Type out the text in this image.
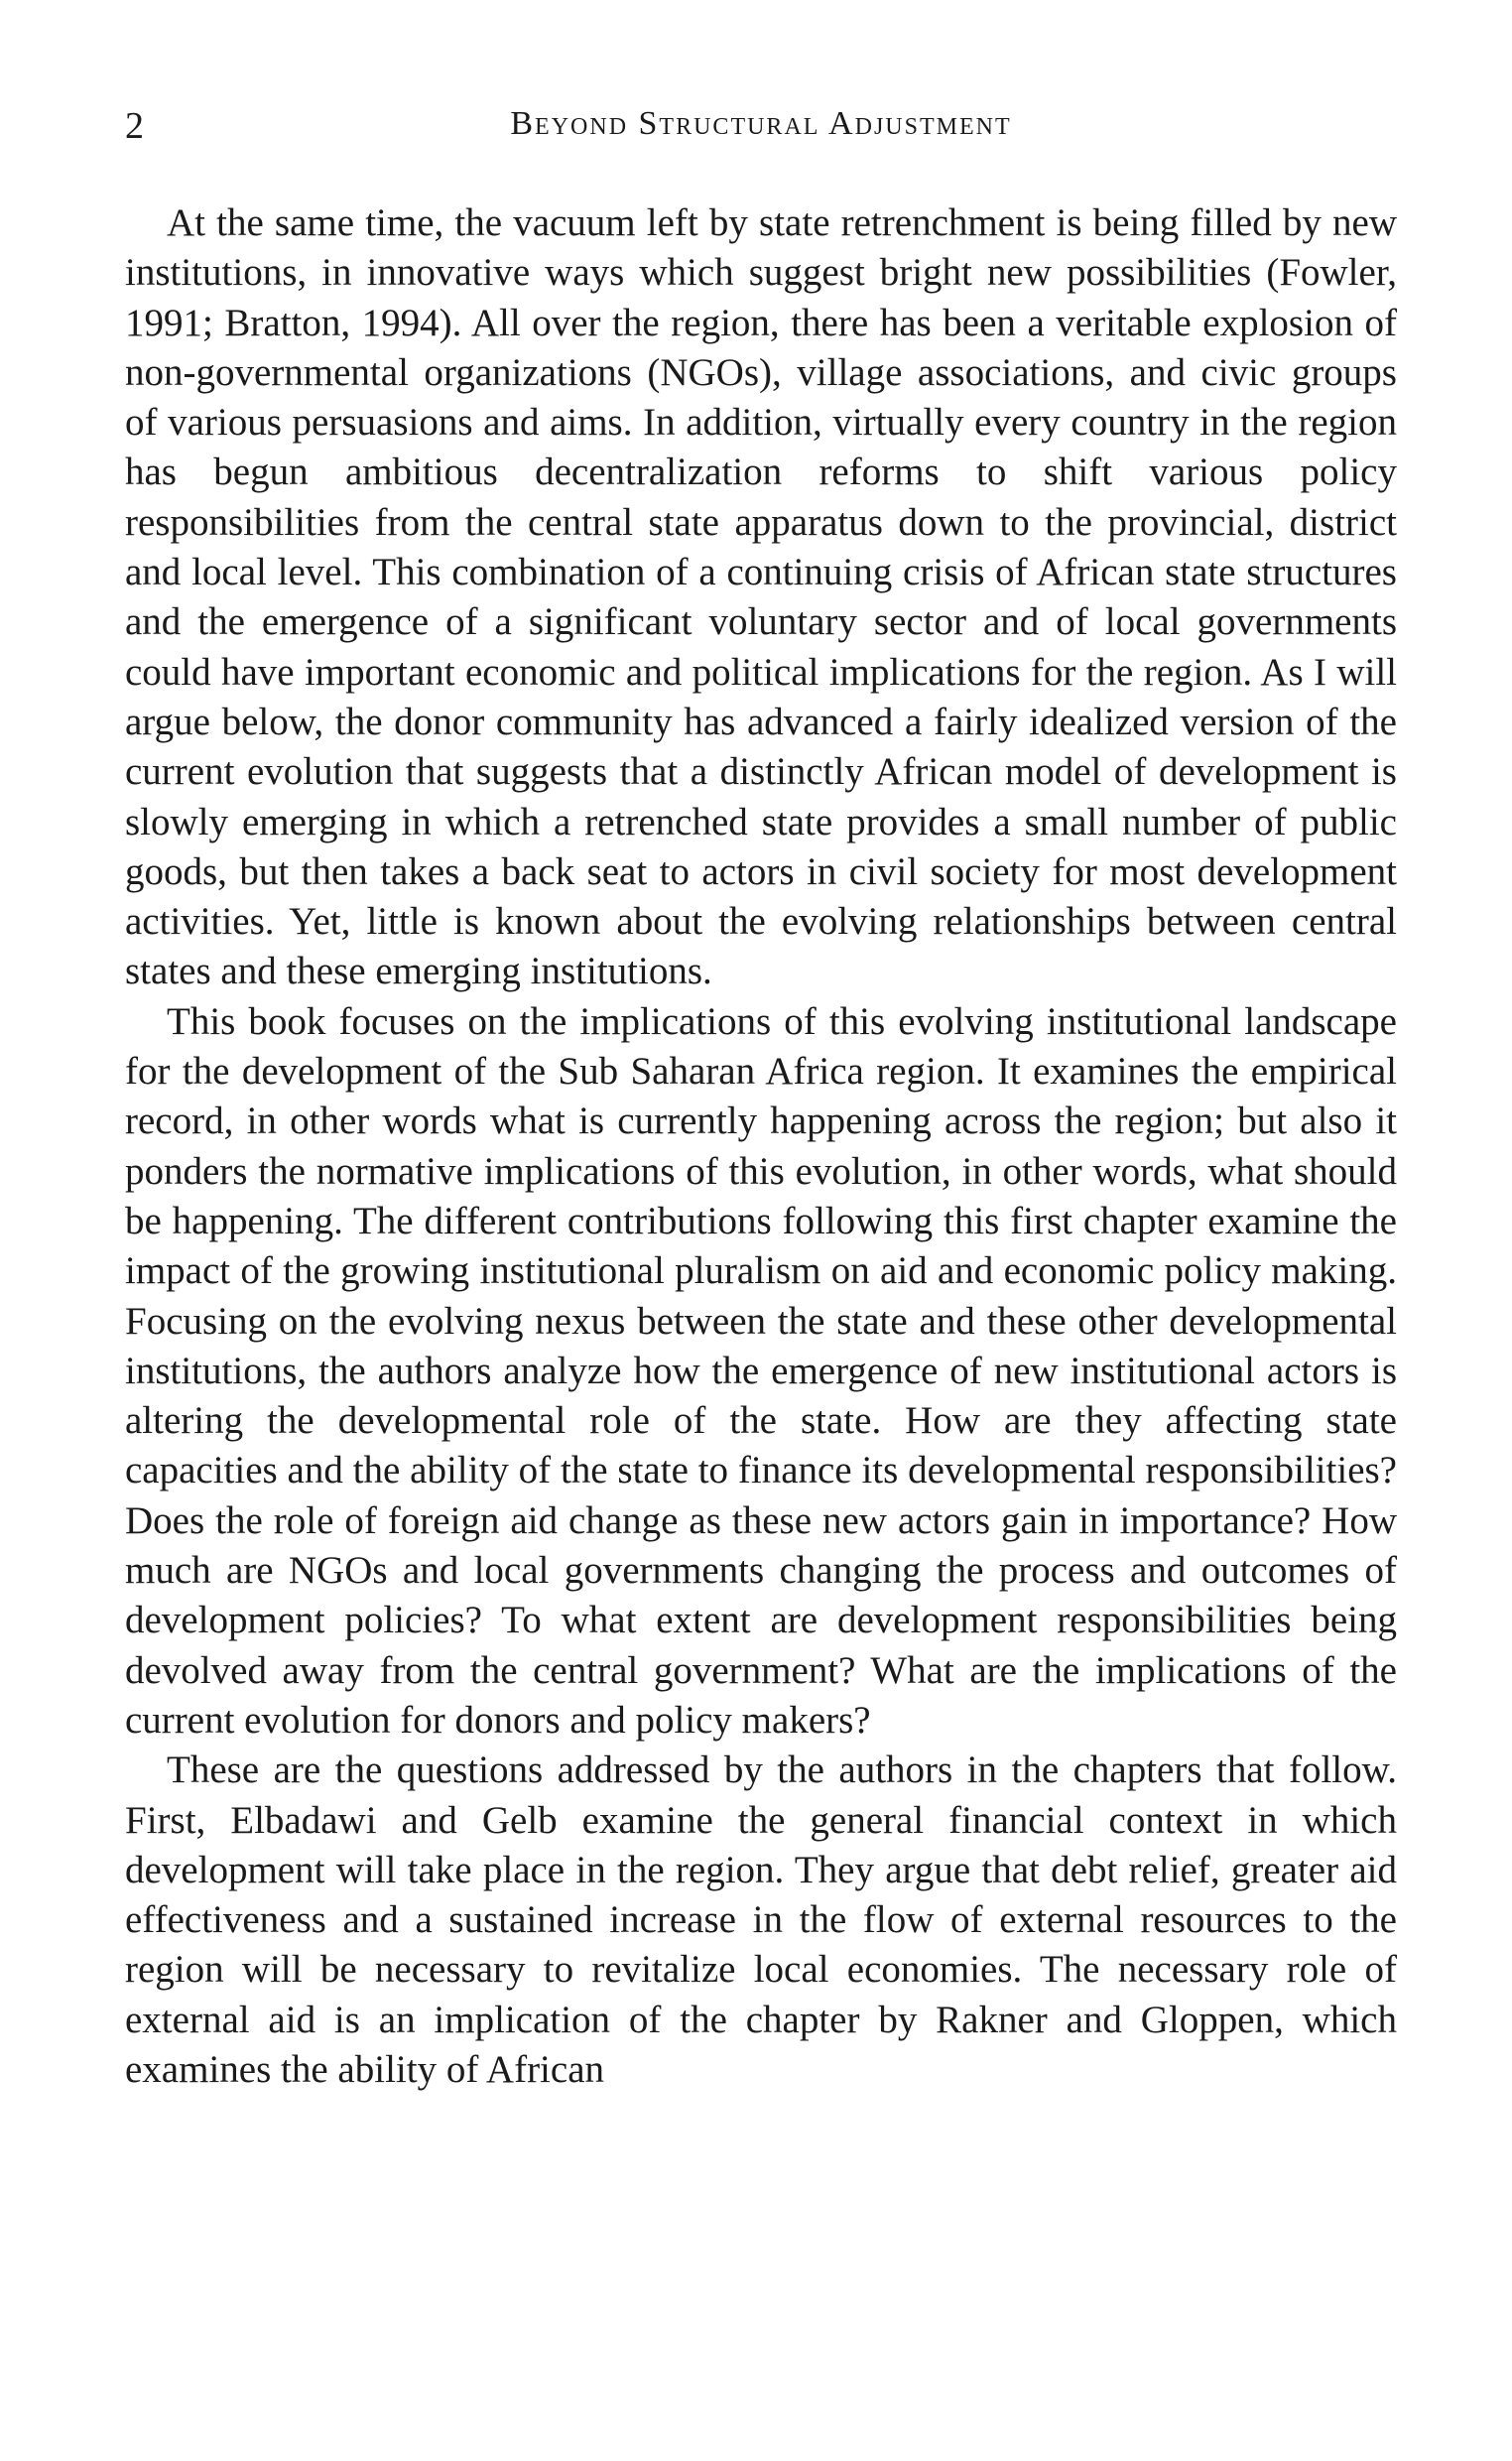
2	Beyond Structural Adjustment

At the same time, the vacuum left by state retrenchment is being filled by new institutions, in innovative ways which suggest bright new possibilities (Fowler, 1991; Bratton, 1994). All over the region, there has been a veritable explosion of non-governmental organizations (NGOs), village associations, and civic groups of various persuasions and aims. In addition, virtually every country in the region has begun ambitious decentralization reforms to shift various policy responsibilities from the central state apparatus down to the provincial, district and local level. This combination of a continuing crisis of African state structures and the emergence of a significant voluntary sector and of local governments could have important economic and political implications for the region. As I will argue below, the donor community has advanced a fairly idealized version of the current evolution that suggests that a distinctly African model of development is slowly emerging in which a retrenched state provides a small number of public goods, but then takes a back seat to actors in civil society for most development activities. Yet, little is known about the evolving relationships between central states and these emerging institutions.

This book focuses on the implications of this evolving institutional landscape for the development of the Sub Saharan Africa region. It examines the empirical record, in other words what is currently happening across the region; but also it ponders the normative implications of this evolution, in other words, what should be happening. The different contributions following this first chapter examine the impact of the growing institutional pluralism on aid and economic policy making. Focusing on the evolving nexus between the state and these other developmental institutions, the authors analyze how the emergence of new institutional actors is altering the developmental role of the state. How are they affecting state capacities and the ability of the state to finance its developmental responsibilities? Does the role of foreign aid change as these new actors gain in importance? How much are NGOs and local governments changing the process and outcomes of development policies? To what extent are development responsibilities being devolved away from the central government? What are the implications of the current evolution for donors and policy makers?

These are the questions addressed by the authors in the chapters that follow. First, Elbadawi and Gelb examine the general financial context in which development will take place in the region. They argue that debt relief, greater aid effectiveness and a sustained increase in the flow of external resources to the region will be necessary to revitalize local economies. The necessary role of external aid is an implication of the chapter by Rakner and Gloppen, which examines the ability of African
